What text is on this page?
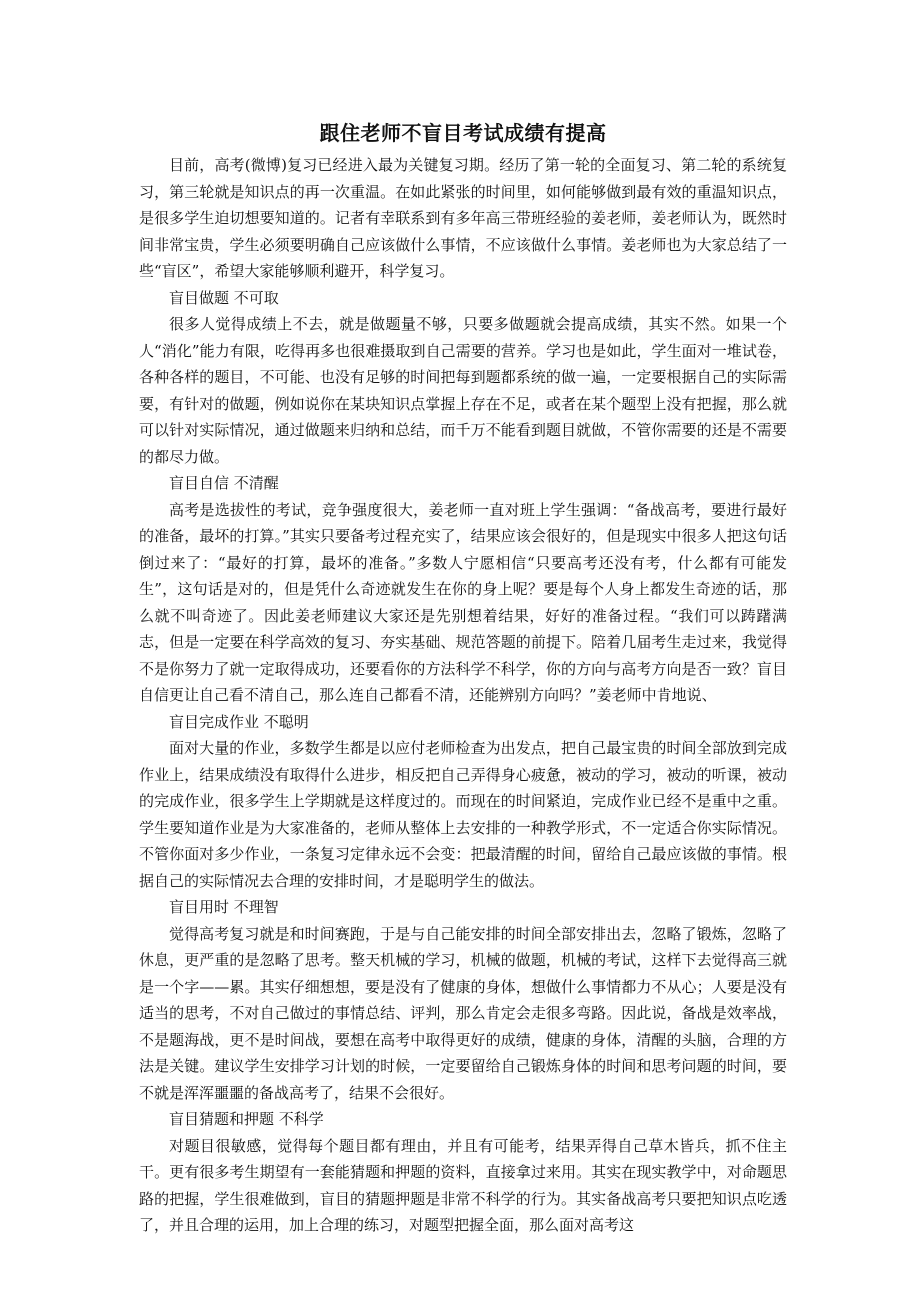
跟住老师不盲目考试成绩有提高

目前，高考(微博)复习已经进入最为关键复习期。经历了第一轮的全面复习、第二轮的系统复习，第三轮就是知识点的再一次重温。在如此紧张的时间里，如何能够做到最有效的重温知识点，是很多学生迫切想要知道的。记者有幸联系到有多年高三带班经验的姜老师，姜老师认为，既然时间非常宝贵，学生必须要明确自己应该做什么事情，不应该做什么事情。姜老师也为大家总结了一些“盲区”，希望大家能够顺利避开，科学复习。

盲目做题 不可取

很多人觉得成绩上不去，就是做题量不够，只要多做题就会提高成绩，其实不然。如果一个人“消化”能力有限，吃得再多也很难摄取到自己需要的营养。学习也是如此，学生面对一堆试卷，各种各样的题目，不可能、也没有足够的时间把每到题都系统的做一遍，一定要根据自己的实际需要，有针对的做题，例如说你在某块知识点掌握上存在不足，或者在某个题型上没有把握，那么就可以针对实际情况，通过做题来归纳和总结，而千万不能看到题目就做，不管你需要的还是不需要的都尽力做。

盲目自信 不清醒

高考是选拔性的考试，竞争强度很大，姜老师一直对班上学生强调：“备战高考，要进行最好的准备，最坏的打算。”其实只要备考过程充实了，结果应该会很好的，但是现实中很多人把这句话倒过来了：“最好的打算，最坏的准备。”多数人宁愿相信“只要高考还没有考，什么都有可能发生”，这句话是对的，但是凭什么奇迹就发生在你的身上呢？要是每个人身上都发生奇迹的话，那么就不叫奇迹了。因此姜老师建议大家还是先别想着结果，好好的准备过程。“我们可以踌躇满志，但是一定要在科学高效的复习、夯实基础、规范答题的前提下。陪着几届考生走过来，我觉得不是你努力了就一定取得成功，还要看你的方法科学不科学，你的方向与高考方向是否一致？盲目自信更让自己看不清自己，那么连自己都看不清，还能辨别方向吗？”姜老师中肯地说、

盲目完成作业 不聪明

面对大量的作业，多数学生都是以应付老师检查为出发点，把自己最宝贵的时间全部放到完成作业上，结果成绩没有取得什么进步，相反把自己弄得身心疲惫，被动的学习，被动的听课，被动的完成作业，很多学生上学期就是这样度过的。而现在的时间紧迫，完成作业已经不是重中之重。学生要知道作业是为大家准备的，老师从整体上去安排的一种教学形式，不一定适合你实际情况。不管你面对多少作业，一条复习定律永远不会变：把最清醒的时间，留给自己最应该做的事情。根据自己的实际情况去合理的安排时间，才是聪明学生的做法。

盲目用时 不理智

觉得高考复习就是和时间赛跑，于是与自己能安排的时间全部安排出去，忽略了锻炼，忽略了休息，更严重的是忽略了思考。整天机械的学习，机械的做题，机械的考试，这样下去觉得高三就是一个字——累。其实仔细想想，要是没有了健康的身体，想做什么事情都力不从心；人要是没有适当的思考，不对自己做过的事情总结、评判，那么肯定会走很多弯路。因此说，备战是效率战，不是题海战，更不是时间战，要想在高考中取得更好的成绩，健康的身体，清醒的头脑，合理的方法是关键。建议学生安排学习计划的时候，一定要留给自己锻炼身体的时间和思考问题的时间，要不就是浑浑噩噩的备战高考了，结果不会很好。

盲目猜题和押题 不科学

对题目很敏感，觉得每个题目都有理由，并且有可能考，结果弄得自己草木皆兵，抓不住主干。更有很多考生期望有一套能猜题和押题的资料，直接拿过来用。其实在现实教学中，对命题思路的把握，学生很难做到，盲目的猜题押题是非常不科学的行为。其实备战高考只要把知识点吃透了，并且合理的运用，加上合理的练习，对题型把握全面，那么面对高考这
